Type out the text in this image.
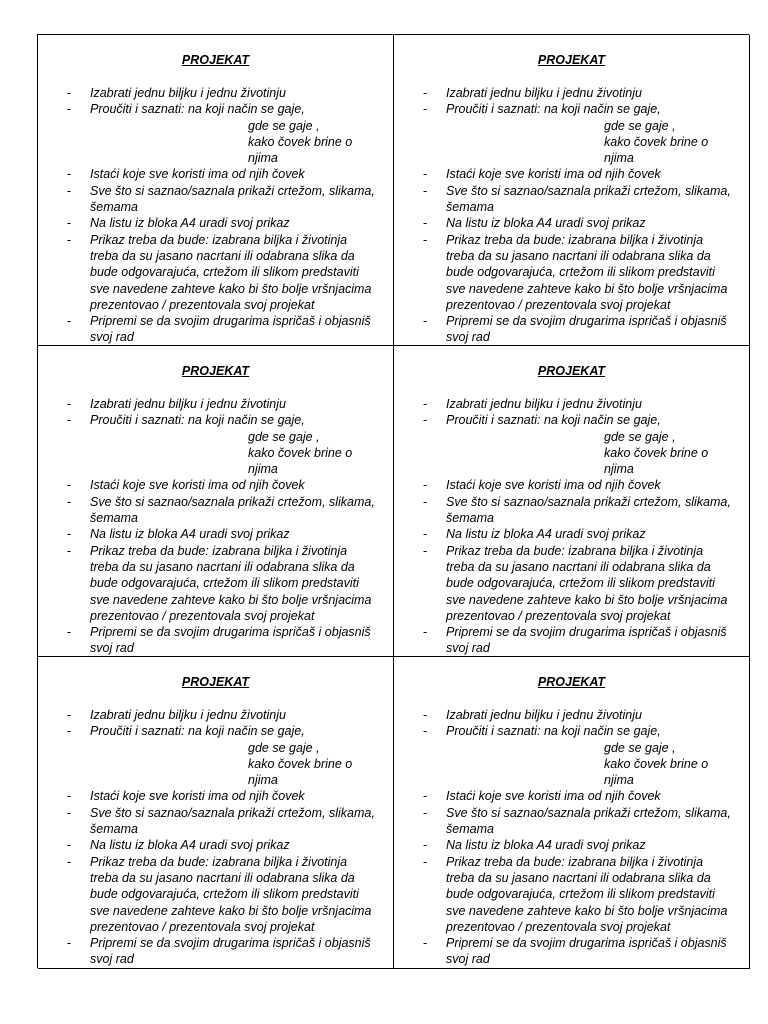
PROJEKAT
- Izabrati jednu biljku i jednu životinju
- Proučiti i saznati: na koji način se gaje,
gde se gaje ,
kako čovek brine o njima
- Istaći koje sve koristi ima od njih čovek
- Sve što si saznao/saznala prikaži crtežom, slikama,
šemama
- Na listu iz bloka A4 uradi svoj prikaz
- Prikaz treba da bude: izabrana biljka i životinja
treba da su jasano nacrtani ili odabrana slika da
bude odgovarajuća, crtežom ili slikom predstaviti
sve navedene zahteve kako bi što bolje vršnjacima
prezentovao / prezentovala svoj projekat
- Pripremi se da svojim drugarima ispričaš i objasniš
svoj rad
PROJEKAT
- Izabrati jednu biljku i jednu životinju
- Proučiti i saznati: na koji način se gaje,
gde se gaje ,
kako čovek brine o njima
- Istaći koje sve koristi ima od njih čovek
- Sve što si saznao/saznala prikaži crtežom, slikama,
šemama
- Na listu iz bloka A4 uradi svoj prikaz
- Prikaz treba da bude: izabrana biljka i životinja
treba da su jasano nacrtani ili odabrana slika da
bude odgovarajuća, crtežom ili slikom predstaviti
sve navedene zahteve kako bi što bolje vršnjacima
prezentovao / prezentovala svoj projekat
- Pripremi se da svojim drugarima ispričaš i objasniš
svoj rad
PROJEKAT
- Izabrati jednu biljku i jednu životinju
- Proučiti i saznati: na koji način se gaje,
gde se gaje ,
kako čovek brine o njima
- Istaći koje sve koristi ima od njih čovek
- Sve što si saznao/saznala prikaži crtežom, slikama,
šemama
- Na listu iz bloka A4 uradi svoj prikaz
- Prikaz treba da bude: izabrana biljka i životinja
treba da su jasano nacrtani ili odabrana slika da
bude odgovarajuća, crtežom ili slikom predstaviti
sve navedene zahteve kako bi što bolje vršnjacima
prezentovao / prezentovala svoj projekat
- Pripremi se da svojim drugarima ispričaš i objasniš
svoj rad
PROJEKAT
- Izabrati jednu biljku i jednu životinju
- Proučiti i saznati: na koji način se gaje,
gde se gaje ,
kako čovek brine o njima
- Istaći koje sve koristi ima od njih čovek
- Sve što si saznao/saznala prikaži crtežom, slikama,
šemama
- Na listu iz bloka A4 uradi svoj prikaz
- Prikaz treba da bude: izabrana biljka i životinja
treba da su jasano nacrtani ili odabrana slika da
bude odgovarajuća, crtežom ili slikom predstaviti
sve navedene zahteve kako bi što bolje vršnjacima
prezentovao / prezentovala svoj projekat
- Pripremi se da svojim drugarima ispričaš i objasniš
svoj rad
PROJEKAT
- Izabrati jednu biljku i jednu životinju
- Proučiti i saznati: na koji način se gaje,
gde se gaje ,
kako čovek brine o njima
- Istaći koje sve koristi ima od njih čovek
- Sve što si saznao/saznala prikaži crtežom, slikama,
šemama
- Na listu iz bloka A4 uradi svoj prikaz
- Prikaz treba da bude: izabrana biljka i životinja
treba da su jasano nacrtani ili odabrana slika da
bude odgovarajuća, crtežom ili slikom predstaviti
sve navedene zahteve kako bi što bolje vršnjacima
prezentovao / prezentovala svoj projekat
- Pripremi se da svojim drugarima ispričaš i objasniš
svoj rad
PROJEKAT
- Izabrati jednu biljku i jednu životinju
- Proučiti i saznati: na koji način se gaje,
gde se gaje ,
kako čovek brine o njima
- Istaći koje sve koristi ima od njih čovek
- Sve što si saznao/saznala prikaži crtežom, slikama,
šemama
- Na listu iz bloka A4 uradi svoj prikaz
- Prikaz treba da bude: izabrana biljka i životinja
treba da su jasano nacrtani ili odabrana slika da
bude odgovarajuća, crtežom ili slikom predstaviti
sve navedene zahteve kako bi što bolje vršnjacima
prezentovao / prezentovala svoj projekat
- Pripremi se da svojim drugarima ispričaš i objasniš
svoj rad
